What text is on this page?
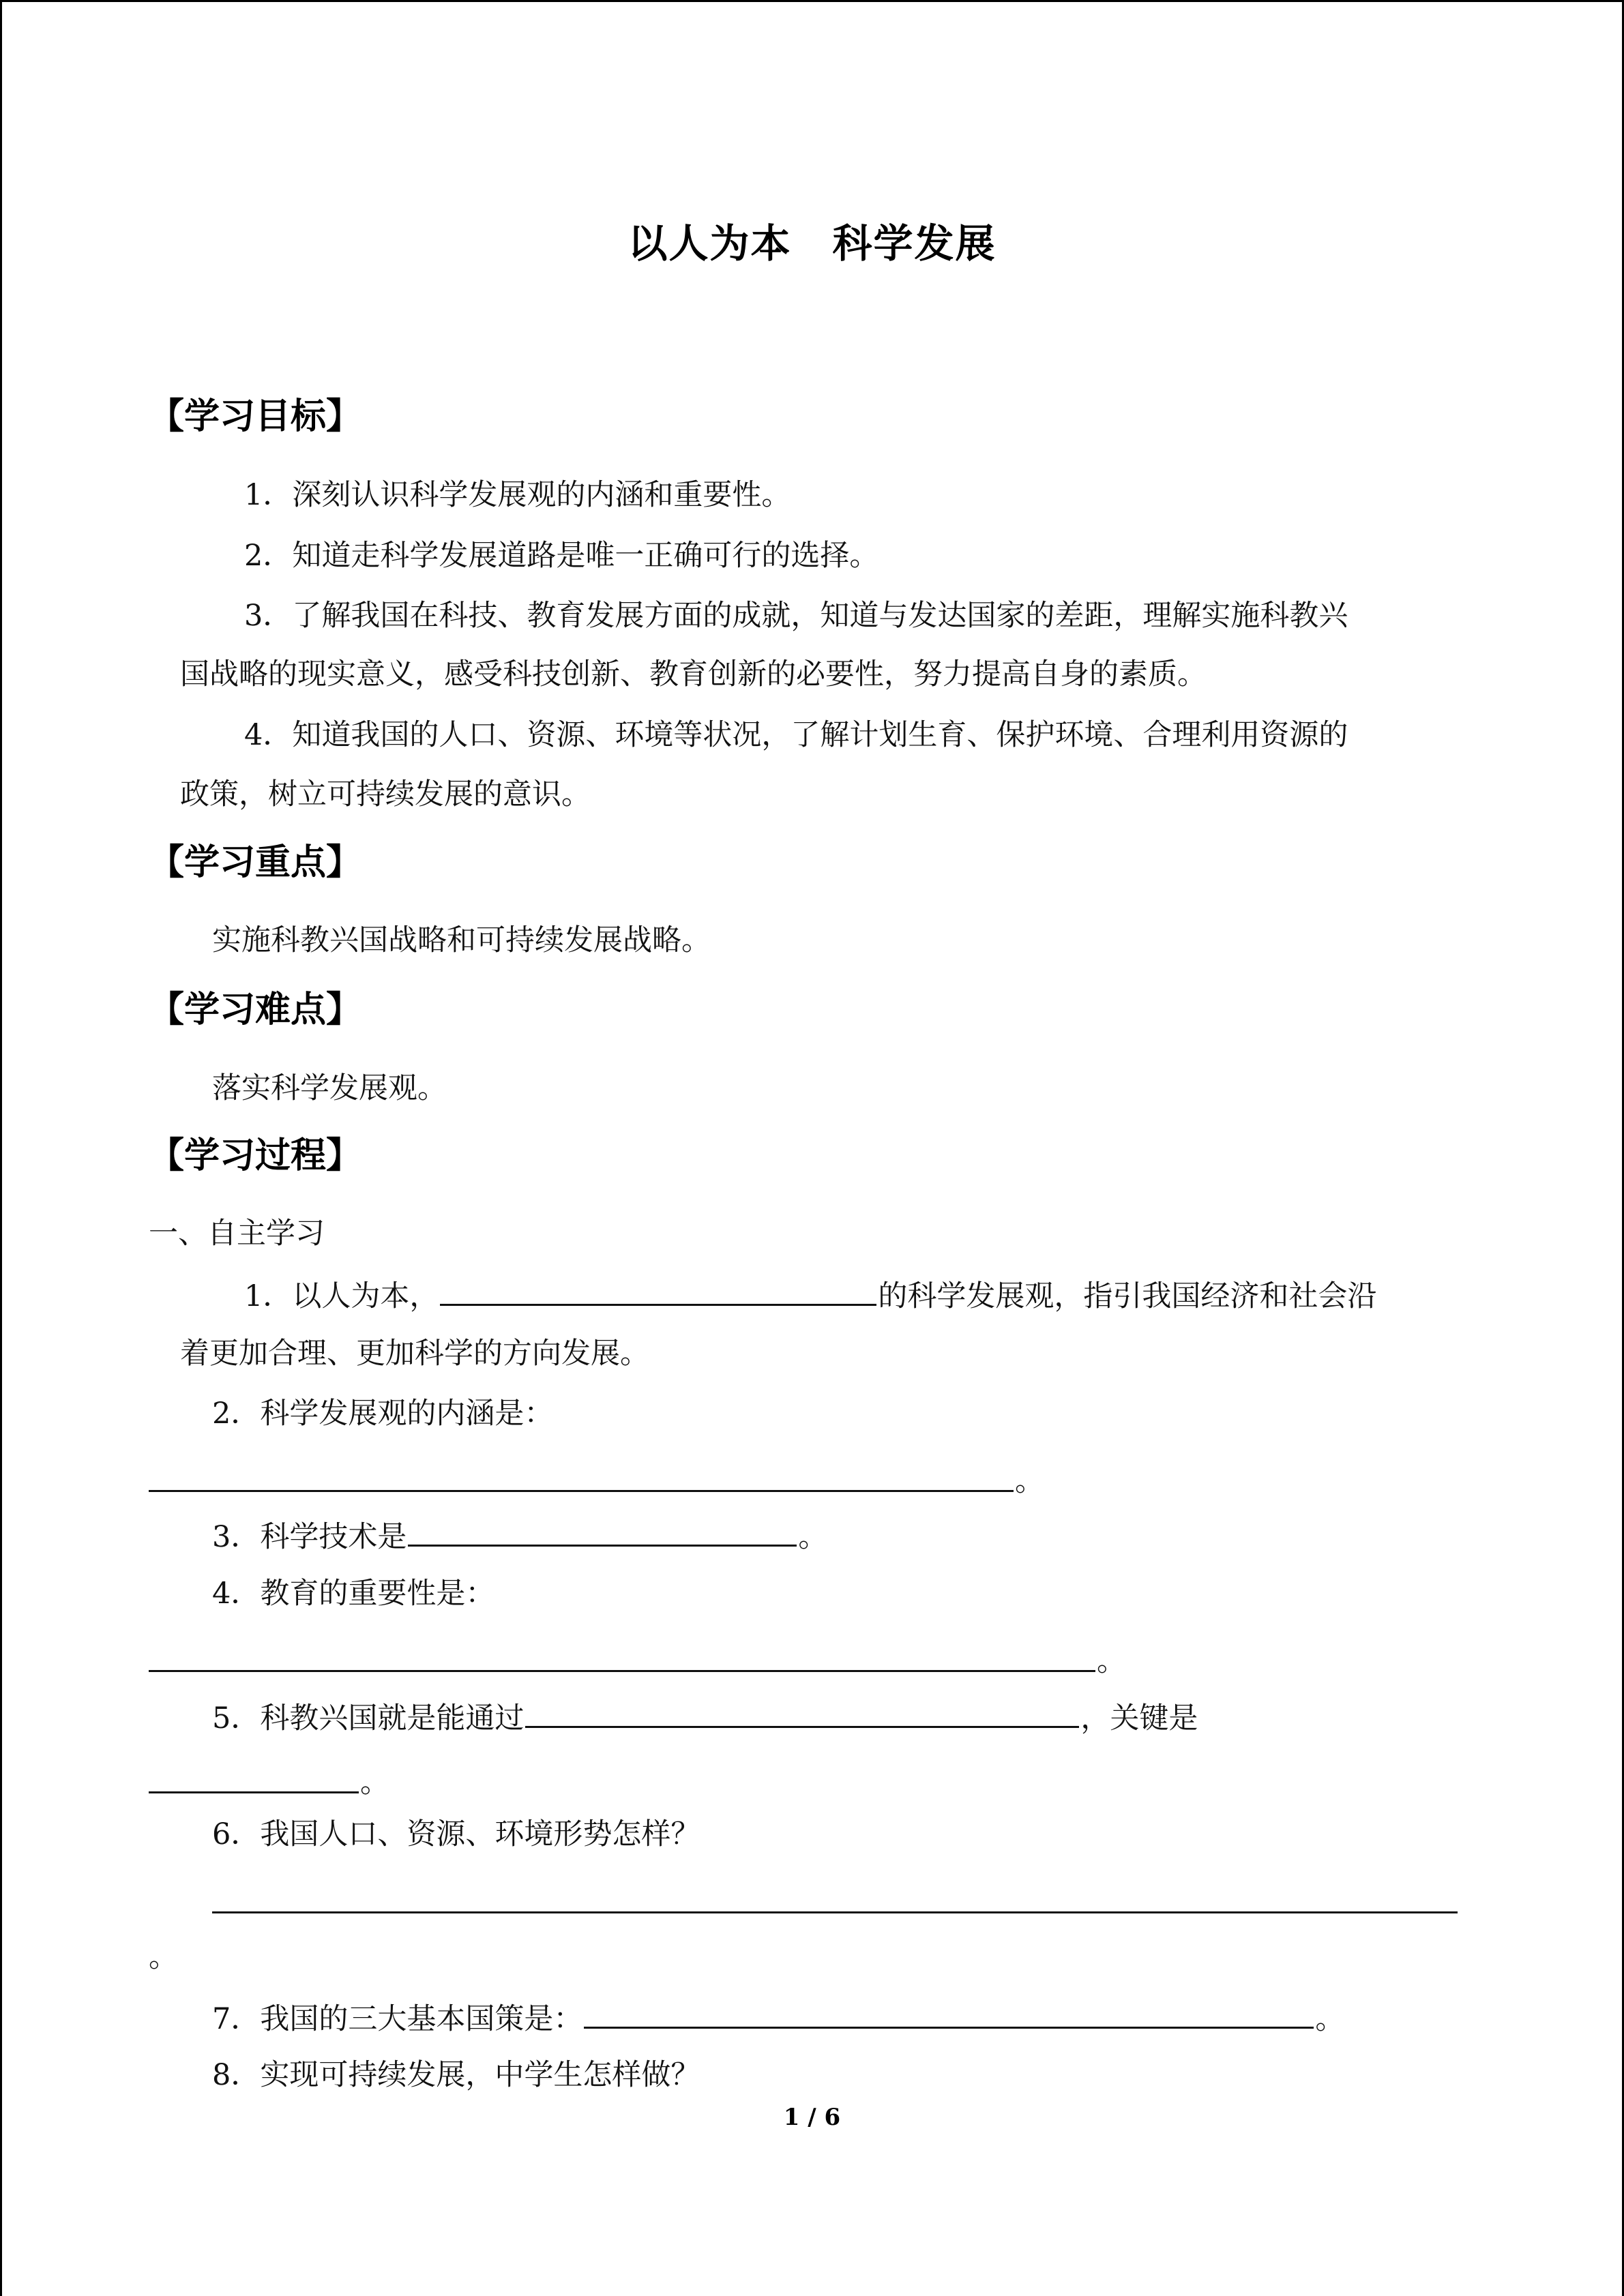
以人为本　科学发展
【学习目标】
1．深刻认识科学发展观的内涵和重要性。
2．知道走科学发展道路是唯一正确可行的选择。
3．了解我国在科技、教育发展方面的成就，知道与发达国家的差距，理解实施科教兴
国战略的现实意义，感受科技创新、教育创新的必要性，努力提高自身的素质。
4．知道我国的人口、资源、环境等状况，了解计划生育、保护环境、合理利用资源的
政策，树立可持续发展的意识。
【学习重点】
实施科教兴国战略和可持续发展战略。
【学习难点】
落实科学发展观。
【学习过程】
一、自主学习
1．以人为本，	的科学发展观，指引我国经济和社会沿
着更加合理、更加科学的方向发展。
2．科学发展观的内涵是：
。
3．科学技术是	。
4．教育的重要性是：
。
5．科教兴国就是能通过	，关键是
。
6．我国人口、资源、环境形势怎样？
。
7．我国的三大基本国策是：	。
8．实现可持续发展，中学生怎样做？
1 / 6
